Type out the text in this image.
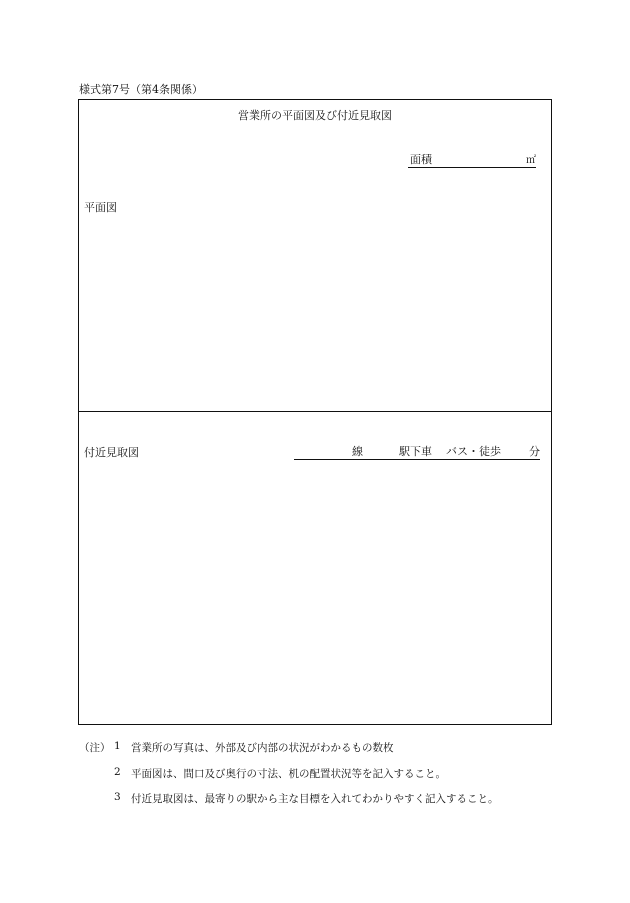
様式第7号（第4条関係）
営業所の平面図及び付近見取図
面積	㎡
平面図
付近見取図	線	駅下車 バス・徒歩	分
（注） 1 営業所の写真は、外部及び内部の状況がわかるもの数枚
2 平面図は、間口及び奥行の寸法、机の配置状況等を記入すること。
3 付近見取図は、最寄りの駅から主な目標を入れてわかりやすく記入すること。
